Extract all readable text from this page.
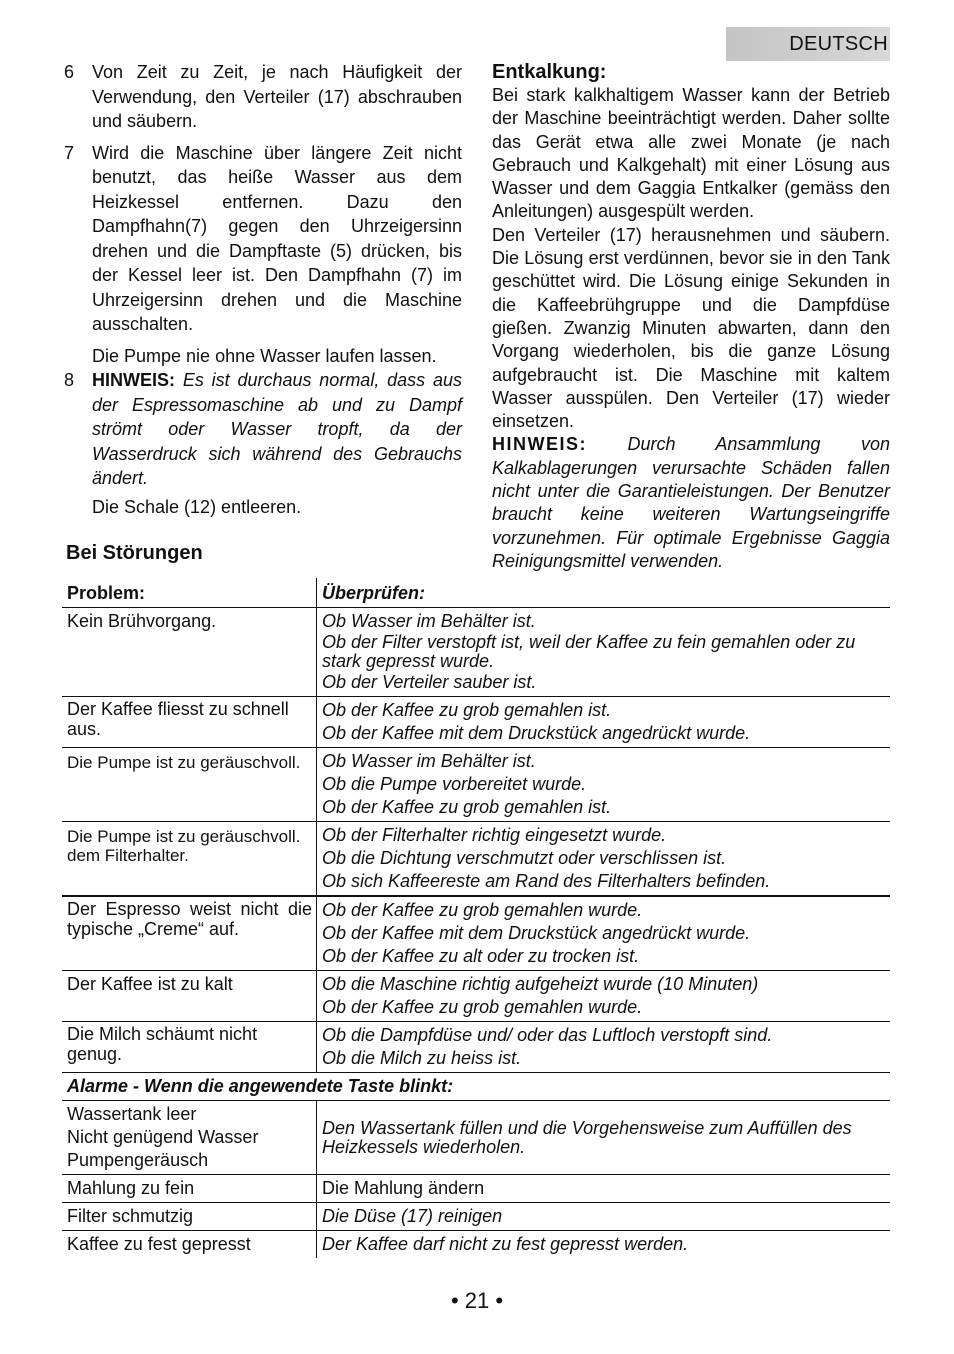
DEUTSCH
6 Von Zeit zu Zeit, je nach Häufigkeit der Verwendung, den Verteiler (17) abschrauben und säubern.
7 Wird die Maschine über längere Zeit nicht benutzt, das heiße Wasser aus dem Heizkessel entfernen. Dazu den Dampfhahn(7) gegen den Uhrzeigersinn drehen und die Dampftaste (5) drücken, bis der Kessel leer ist. Den Dampfhahn (7) im Uhrzeigersinn drehen und die Maschine ausschalten.
Die Pumpe nie ohne Wasser laufen lassen.
8 HINWEIS: Es ist durchaus normal, dass aus der Espressomaschine ab und zu Dampf strömt oder Wasser tropft, da der Wasserdruck sich während des Gebrauchs ändert.
Die Schale (12) entleeren.
Entkalkung:
Bei stark kalkhaltigem Wasser kann der Betrieb der Maschine beeinträchtigt werden. Daher sollte das Gerät etwa alle zwei Monate (je nach Gebrauch und Kalkgehalt) mit einer Lösung aus Wasser und dem Gaggia Entkalker (gemäss den Anleitungen) ausgespült werden.
Den Verteiler (17) herausnehmen und säubern. Die Lösung erst verdünnen, bevor sie in den Tank geschüttet wird. Die Lösung einige Sekunden in die Kaffeebrühgruppe und die Dampfdüse gießen. Zwanzig Minuten abwarten, dann den Vorgang wiederholen, bis die ganze Lösung aufgebraucht ist. Die Maschine mit kaltem Wasser ausspülen. Den Verteiler (17) wieder einsetzen.
HINWEIS: Durch Ansammlung von Kalkablagerungen verursachte Schäden fallen nicht unter die Garantieleistungen. Der Benutzer braucht keine weiteren Wartungseingriffe vorzunehmen. Für optimale Ergebnisse Gaggia Reinigungsmittel verwenden.
Bei Störungen
Problem:	Überprüfen:
Kein Brühvorgang.	Ob Wasser im Behälter ist.
Ob der Filter verstopft ist, weil der Kaffee zu fein gemahlen oder zu stark gepresst wurde.
Ob der Verteiler sauber ist.

Der Kaffee fliesst zu schnell aus.	Ob der Kaffee zu grob gemahlen ist.
Ob der Kaffee mit dem Druckstück angedrückt wurde.

Die Pumpe ist zu geräuschvoll.	Ob Wasser im Behälter ist.
Ob die Pumpe vorbereitet wurde.
Ob der Kaffee zu grob gemahlen ist.

Die Pumpe ist zu geräuschvoll. dem Filterhalter.	Ob der Filterhalter richtig eingesetzt wurde.
Ob die Dichtung verschmutzt oder verschlissen ist.
Ob sich Kaffeereste am Rand des Filterhalters befinden.

Der Espresso weist nicht die typische „Creme“ auf.	Ob der Kaffee zu grob gemahlen wurde.
Ob der Kaffee mit dem Druckstück angedrückt wurde.
Ob der Kaffee zu alt oder zu trocken ist.

Der Kaffee ist zu kalt	Ob die Maschine richtig aufgeheizt wurde (10 Minuten)
Ob der Kaffee zu grob gemahlen wurde.

Die Milch schäumt nicht genug.	Ob die Dampfdüse und/ oder das Luftloch verstopft sind.
Ob die Milch zu heiss ist.

Alarme - Wenn die angewendete Taste blinkt:	

Wassertank leer
Nicht genügend Wasser
Pumpengeräusch	Den Wassertank füllen und die Vorgehensweise zum Auffüllen des Heizkessels wiederholen.
Mahlung zu fein	Die Mahlung ändern
Filter schmutzig	Die Düse (17) reinigen
Kaffee zu fest gepresst	Der Kaffee darf nicht zu fest gepresst werden.
• 21 •
